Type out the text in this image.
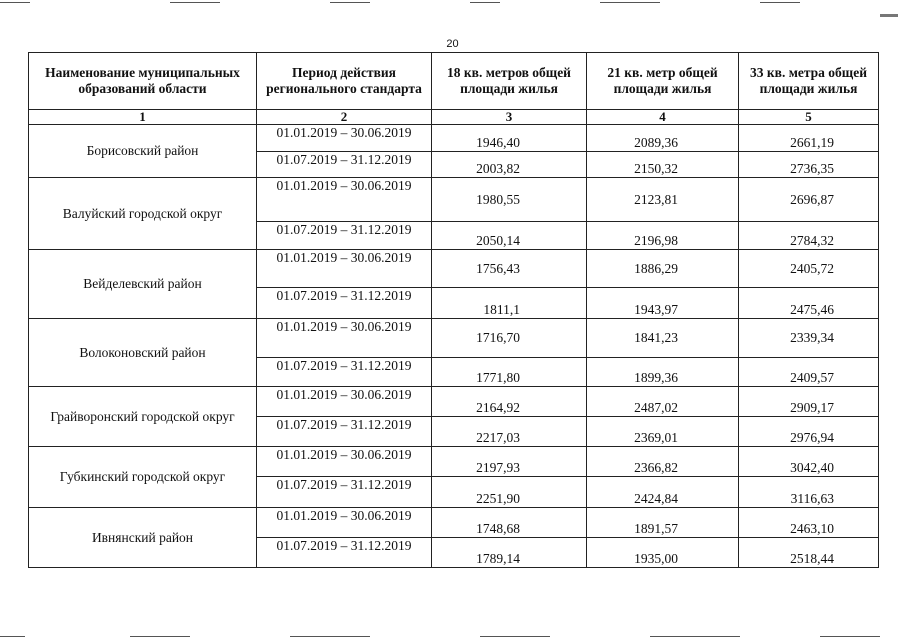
20
Наименование муниципальных образований области	Период действия регионального стандарта	18 кв. метров общей площади жилья	21 кв. метр общей площади жилья	33 кв. метра общей площади жилья
1	2	3	4	5
Борисовский район	01.01.2019 – 30.06.2019	1946,40	2089,36	2661,19
	01.07.2019 – 31.12.2019	2003,82	2150,32	2736,35
Валуйский городской округ	01.01.2019 – 30.06.2019	1980,55	2123,81	2696,87
	01.07.2019 – 31.12.2019	2050,14	2196,98	2784,32
Вейделевский район	01.01.2019 – 30.06.2019	1756,43	1886,29	2405,72
	01.07.2019 – 31.12.2019	1811,1	1943,97	2475,46
Волоконовский район	01.01.2019 – 30.06.2019	1716,70	1841,23	2339,34
	01.07.2019 – 31.12.2019	1771,80	1899,36	2409,57
Грайворонский городской округ	01.01.2019 – 30.06.2019	2164,92	2487,02	2909,17
	01.07.2019 – 31.12.2019	2217,03	2369,01	2976,94
Губкинский городской округ	01.01.2019 – 30.06.2019	2197,93	2366,82	3042,40
	01.07.2019 – 31.12.2019	2251,90	2424,84	3116,63
Ивнянский район	01.01.2019 – 30.06.2019	1748,68	1891,57	2463,10
	01.07.2019 – 31.12.2019	1789,14	1935,00	2518,44
